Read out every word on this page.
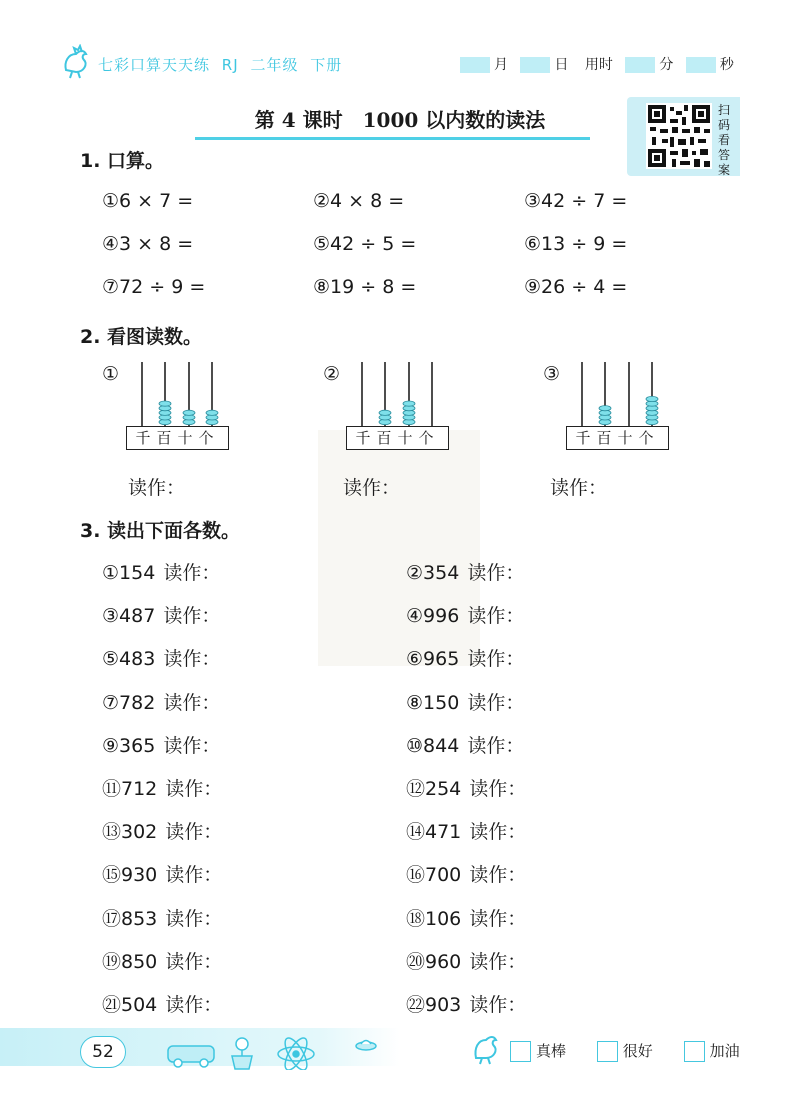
七彩口算天天练 RJ 二年级 下册	月	日 用时	分	秒
第 4 课时　1000 以内数的读法	扫码看答案
1. 口算。
①6 × 7 =	②4 × 8 =	③42 ÷ 7 =
④3 × 8 =	⑤42 ÷ 5 =	⑥13 ÷ 9 =
⑦72 ÷ 9 =	⑧19 ÷ 8 =	⑨26 ÷ 4 =
2. 看图读数。
①
千百十个
读作：
②
千百十个
读作：
③
千百十个
读作：
3. 读出下面各数。
①154 读作：	②354 读作：
③487 读作：	④996 读作：
⑤483 读作：	⑥965 读作：
⑦782 读作：	⑧150 读作：
⑨365 读作：	⑩844 读作：
⑪712 读作：	⑫254 读作：
⑬302 读作：	⑭471 读作：
⑮930 读作：	⑯700 读作：
⑰853 读作：	⑱106 读作：
⑲850 读作：	⑳960 读作：
㉑504 读作：	㉒903 读作：
52	真棒	很好	加油
